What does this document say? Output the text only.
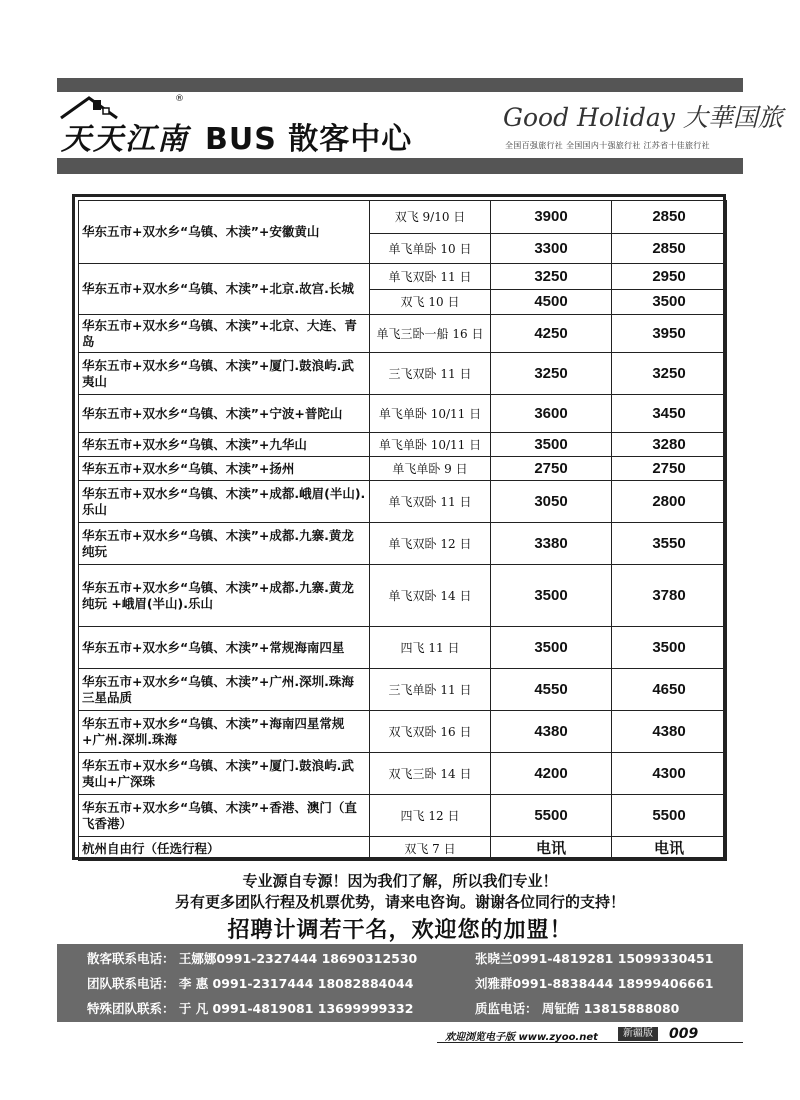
®
天天江南 BUS 散客中心
Good Holiday 大華国旅
全国百强旅行社 全国国内十强旅行社 江苏省十佳旅行社
华东五市+双水乡“乌镇、木渎”+安徽黄山	双飞 9/10 日	3900	2850
	单飞单卧 10 日	3300	2850
华东五市+双水乡“乌镇、木渎”+北京.故宫.长城	单飞双卧 11 日	3250	2950
	双飞 10 日	4500	3500
华东五市+双水乡“乌镇、木渎”+北京、大连、青岛	单飞三卧一船 16 日	4250	3950
华东五市+双水乡“乌镇、木渎”+厦门.鼓浪屿.武夷山	三飞双卧 11 日	3250	3250
华东五市+双水乡“乌镇、木渎”+宁波+普陀山	单飞单卧 10/11 日	3600	3450
华东五市+双水乡“乌镇、木渎”+九华山	单飞单卧 10/11 日	3500	3280
华东五市+双水乡“乌镇、木渎”+扬州	单飞单卧 9 日	2750	2750
华东五市+双水乡“乌镇、木渎”+成都.峨眉(半山).乐山	单飞双卧 11 日	3050	2800
华东五市+双水乡“乌镇、木渎”+成都.九寨.黄龙纯玩	单飞双卧 12 日	3380	3550
华东五市+双水乡“乌镇、木渎”+成都.九寨.黄龙纯玩 +峨眉(半山).乐山	单飞双卧 14 日	3500	3780
华东五市+双水乡“乌镇、木渎”+常规海南四星	四飞 11 日	3500	3500
华东五市+双水乡“乌镇、木渎”+广州.深圳.珠海 三星品质	三飞单卧 11 日	4550	4650
华东五市+双水乡“乌镇、木渎”+海南四星常规 +广州.深圳.珠海	双飞双卧 16 日	4380	4380
华东五市+双水乡“乌镇、木渎”+厦门.鼓浪屿.武夷山+广深珠	双飞三卧 14 日	4200	4300
华东五市+双水乡“乌镇、木渎”+香港、澳门（直飞香港）	四飞 12 日	5500	5500
杭州自由行（任选行程）	双飞 7 日	电讯	电讯
专业源自专源！因为我们了解，所以我们专业！
另有更多团队行程及机票优势，请来电咨询。谢谢各位同行的支持！
招聘计调若干名，欢迎您的加盟！
散客联系电话： 王娜娜0991-2327444 18690312530	张晓兰0991-4819281 15099330451
团队联系电话： 李 惠 0991-2317444 18082884044	刘雅群0991-8838444 18999406661
特殊团队联系： 于 凡 0991-4819081 13699999332	质监电话： 周钲皓 13815888080
欢迎浏览电子版 www.zyoo.net	新疆版	009
